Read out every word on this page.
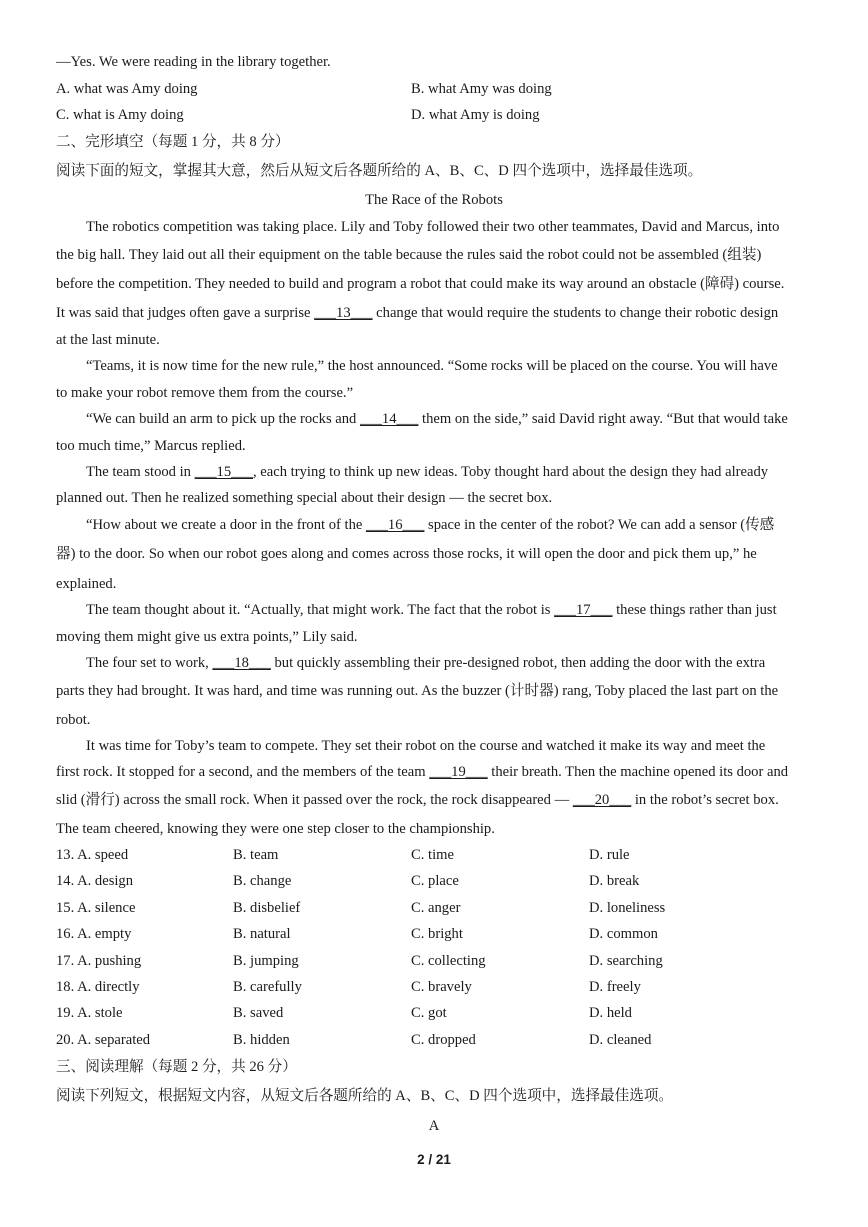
—Yes. We were reading in the library together.
A. what was Amy doing	B. what Amy was doing
C. what is Amy doing	D. what Amy is doing
二、完形填空（每题 1 分，共 8 分）
阅读下面的短文，掌握其大意，然后从短文后各题所给的 A、B、C、D 四个选项中，选择最佳选项。
The Race of the Robots
The robotics competition was taking place. Lily and Toby followed their two other teammates, David and Marcus, into
the big hall. They laid out all their equipment on the table because the rules said the robot could not be assembled (组装)
before the competition. They needed to build and program a robot that could make its way around an obstacle (障碍) course.
It was said that judges often gave a surprise ___13___ change that would require the students to change their robotic design
at the last minute.
“Teams, it is now time for the new rule,” the host announced. “Some rocks will be placed on the course. You will have
to make your robot remove them from the course.”
“We can build an arm to pick up the rocks and ___14___ them on the side,” said David right away. “But that would take
too much time,” Marcus replied.
The team stood in ___15___, each trying to think up new ideas. Toby thought hard about the design they had already
planned out. Then he realized something special about their design — the secret box.
“How about we create a door in the front of the ___16___ space in the center of the robot? We can add a sensor (传感
器) to the door. So when our robot goes along and comes across those rocks, it will open the door and pick them up,” he
explained.
The team thought about it. “Actually, that might work. The fact that the robot is ___17___ these things rather than just
moving them might give us extra points,” Lily said.
The four set to work, ___18___ but quickly assembling their pre-designed robot, then adding the door with the extra
parts they had brought. It was hard, and time was running out. As the buzzer (计时器) rang, Toby placed the last part on the
robot.
It was time for Toby’s team to compete. They set their robot on the course and watched it make its way and meet the
first rock. It stopped for a second, and the members of the team ___19___ their breath. Then the machine opened its door and
slid (滑行) across the small rock. When it passed over the rock, the rock disappeared — ___20___ in the robot’s secret box.
The team cheered, knowing they were one step closer to the championship.
13. A. speed	B. team	C. time	D. rule
14. A. design	B. change	C. place	D. break
15. A. silence	B. disbelief	C. anger	D. loneliness
16. A. empty	B. natural	C. bright	D. common
17. A. pushing	B. jumping	C. collecting	D. searching
18. A. directly	B. carefully	C. bravely	D. freely
19. A. stole	B. saved	C. got	D. held
20. A. separated	B. hidden	C. dropped	D. cleaned
三、阅读理解（每题 2 分，共 26 分）
阅读下列短文，根据短文内容，从短文后各题所给的 A、B、C、D 四个选项中，选择最佳选项。
A
2 / 21
